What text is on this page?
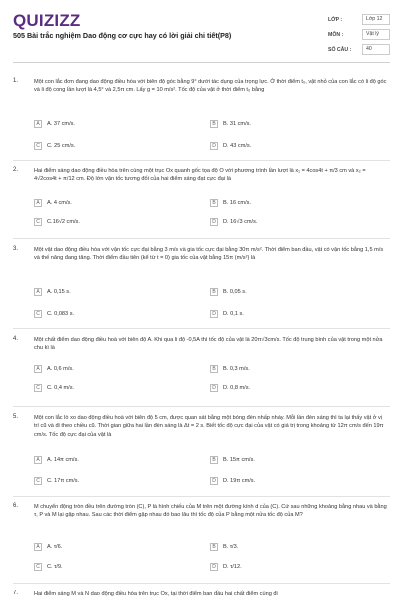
QUIZIZZ
505 Bài trắc nghiệm Dao động cơ cực hay có lời giải chi tiết(P8)
LỚP :	Lớp 12
MÔN :	Vật lý
SỐ CÂU :	40
1.	Một con lắc đơn đang dao động điều hòa với biên độ góc bằng 9° dưới tác dụng của trọng lực. Ở thời điểm t₀, vật nhỏ của con lắc có li độ góc và li độ cong lần lượt là 4,5° và 2,5π cm. Lấy g = 10 m/s². Tốc độ của vật ở thời điểm t₀ bằng
A	A. 37 cm/s.	B	B. 31 cm/s.
C	C. 25 cm/s.	D	D. 43 cm/s.
2.	Hai điểm sáng dao động điều hòa trên cùng một trục Ox quanh gốc tọa độ O với phương trình lần lượt là x₁ = 4cos4t + π/3 cm và x₂ = 4√2cos4t + π/12 cm. Độ lớn vận tốc tương đối của hai điểm sáng đạt cực đại là
A	A. 4 cm/s.	B	B. 16 cm/s.
C	C.16√2 cm/s.	D	D. 16√3 cm/s.
3.	Một vật dao động điều hòa với vận tốc cực đại bằng 3 m/s và gia tốc cực đại bằng 30π m/s². Thời điểm ban đầu, vật có vận tốc bằng 1,5 m/s và thế năng đang tăng. Thời điểm đầu tiên (kể từ t = 0) gia tốc của vật bằng 15π (m/s²) là
A	A. 0,15 s.	B	B. 0,05 s.
C	C. 0,083 s.	D	D. 0,1 s.
4.	Một chất điểm dao động điều hoà với biên độ A. Khi qua li độ -0,5A thì tốc độ của vật là 20π√3cm/s. Tốc độ trung bình của vật trong một nửa chu kì là
A	A. 0,6 m/s.	B	B. 0,3 m/s.
C	C. 0,4 m/s.	D	D. 0,8 m/s.
5.	Một con lắc lò xo dao động điều hoà với biên độ 5 cm, được quan sát bằng một bóng đèn nhấp nháy. Mỗi lần đèn sáng thì ta lại thấy vật ở vị trí cũ và đi theo chiều cũ. Thời gian giữa hai lần đèn sáng là Δt = 2 s. Biết tốc độ cực đại của vật có giá trị trong khoảng từ 12π cm/s đến 19π cm/s. Tốc độ cực đại của vật là
A	A. 14π cm/s.	B	B. 15π cm/s.
C	C. 17π cm/s.	D	D. 19π cm/s.
6.	M chuyển động tròn đều trên đường tròn (C), P là hình chiếu của M trên một đường kính d của (C). Cứ sau những khoảng bằng nhau và bằng τ, P và M lại gặp nhau. Sau các thời điểm gặp nhau đó bao lâu thì tốc độ của P bằng một nửa tốc độ của M?
A	A. τ/6.	B	B. τ/3.
C	C. τ/9.	D	D. τ/12.
7.	Hai điểm sáng M và N dao động điều hòa trên trục Ox, tại thời điểm ban đầu hai chất điểm cùng đi
